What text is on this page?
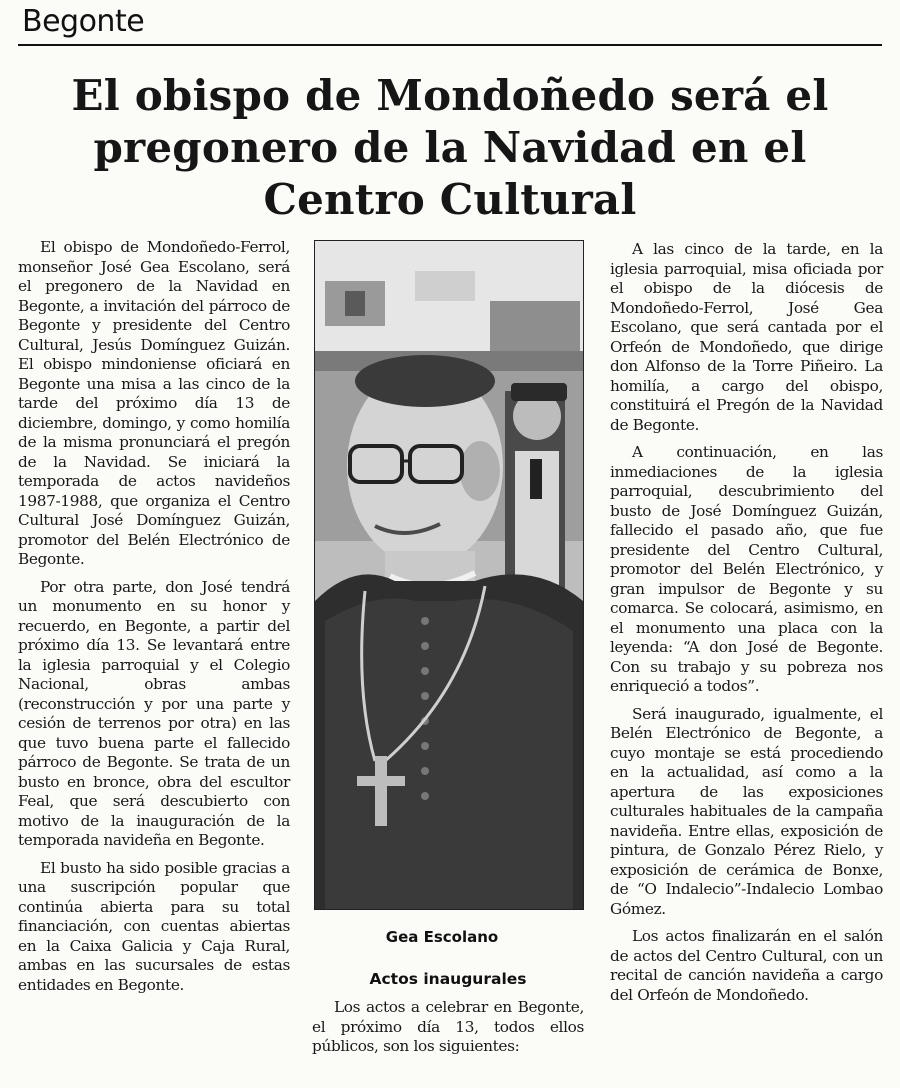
Begonte
El obispo de Mondoñedo será el
pregonero de la Navidad en el
Centro Cultural

El obispo de Mondoñedo-Ferrol, monseñor José Gea Escolano, será el pregonero de la Navidad en Begonte, a invitación del párroco de Begonte y presidente del Centro Cultural, Jesús Domínguez Guizán. El obispo mindoniense oficiará en Begonte una misa a las cinco de la tarde del próximo día 13 de diciembre, domingo, y como homilía de la misma pronunciará el pregón de la Navidad. Se iniciará la temporada de actos navideños 1987-1988, que organiza el Centro Cultural José Domínguez Guizán, promotor del Belén Electrónico de Begonte.

Por otra parte, don José tendrá un monumento en su honor y recuerdo, en Begonte, a partir del próximo día 13. Se levantará entre la iglesia parroquial y el Colegio Nacional, obras ambas (reconstrucción y por una parte y cesión de terrenos por otra) en las que tuvo buena parte el fallecido párroco de Begonte. Se trata de un busto en bronce, obra del escultor Feal, que será descubierto con motivo de la inauguración de la temporada navideña en Begonte.

El busto ha sido posible gracias a una suscripción popular que continúa abierta para su total financiación, con cuentas abiertas en la Caixa Galicia y Caja Rural, ambas en las sucursales de estas entidades en Begonte.

Gea Escolano
Actos inaugurales

Los actos a celebrar en Begonte, el próximo día 13, todos ellos públicos, son los siguientes:

A las cinco de la tarde, en la iglesia parroquial, misa oficiada por el obispo de la diócesis de Mondoñedo-Ferrol, José Gea Escolano, que será cantada por el Orfeón de Mondoñedo, que dirige don Alfonso de la Torre Piñeiro. La homilía, a cargo del obispo, constituirá el Pregón de la Navidad de Begonte.

A continuación, en las inmediaciones de la iglesia parroquial, descubrimiento del busto de José Domínguez Guizán, fallecido el pasado año, que fue presidente del Centro Cultural, promotor del Belén Electrónico, y gran impulsor de Begonte y su comarca. Se colocará, asimismo, en el monumento una placa con la leyenda: “A don José de Begonte. Con su trabajo y su pobreza nos enriqueció a todos”.

Será inaugurado, igualmente, el Belén Electrónico de Begonte, a cuyo montaje se está procediendo en la actualidad, así como a la apertura de las exposiciones culturales habituales de la campaña navideña. Entre ellas, exposición de pintura, de Gonzalo Pérez Rielo, y exposición de cerámica de Bonxe, de “O Indalecio”-Indalecio Lombao Gómez.

Los actos finalizarán en el salón de actos del Centro Cultural, con un recital de canción navideña a cargo del Orfeón de Mondoñedo.
